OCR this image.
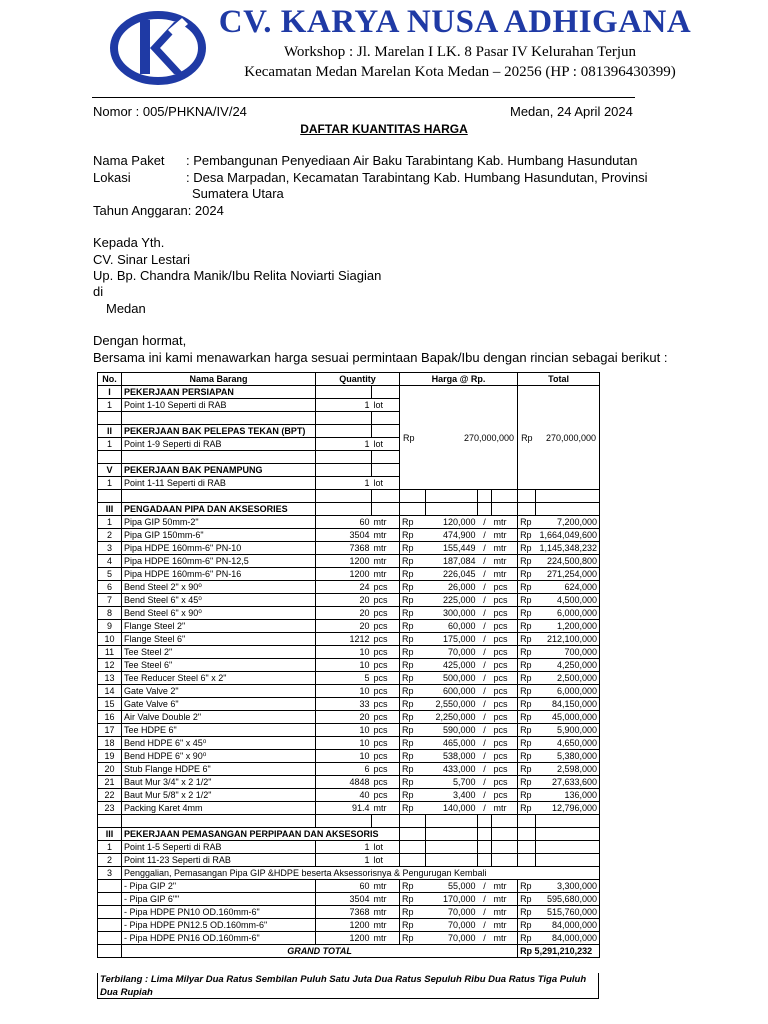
CV. KARYA NUSA ADHIGANA
Workshop : Jl. Marelan I LK. 8 Pasar IV Kelurahan Terjun
Kecamatan Medan Marelan Kota Medan – 20256 (HP : 081396430399)
Nomor : 005/PHKNA/IV/24	Medan, 24 April 2024
DAFTAR KUANTITAS HARGA
Nama Paket : Pembangunan Penyediaan Air Baku Tarabintang Kab. Humbang Hasundutan
Lokasi	: Desa Marpadan, Kecamatan Tarabintang Kab. Humbang Hasundutan, Provinsi
Sumatera Utara
Tahun Anggaran: 2024
Kepada Yth.
CV. Sinar Lestari
Up. Bp. Chandra Manik/Ibu Relita Noviarti Siagian
di
Medan
Dengan hormat,
Bersama ini kami menawarkan harga sesuai permintaan Bapak/Ibu dengan rincian sebagai berikut :
No.	Nama Barang	Quantity		Harga @ Rp.				Total	
I	PEKERJAAN PERSIAPAN			Rp 270,000,000				Rp 270,000,000	

1	Point 1-10 Seperti di RAB	1	lot						

II	PEKERJAAN BAK PELEPAS TEKAN (BPT)								
1	Point 1-9 Seperti di RAB	1	lot						

V	PEKERJAAN BAK PENAMPUNG								
1	Point 1-11 Seperti di RAB	1	lot						

III	PENGADAAN PIPA DAN AKSESORIES								
1	Pipa GIP 50mm-2"	60	mtr	Rp	120,000	/	mtr	Rp	7,200,000
2	Pipa GIP 150mm-6"	3504	mtr	Rp	474,900	/	mtr	Rp	1,664,049,600
3	Pipa HDPE 160mm-6" PN-10	7368	mtr	Rp	155,449	/	mtr	Rp	1,145,348,232
4	Pipa HDPE 160mm-6" PN-12,5	1200	mtr	Rp	187,084	/	mtr	Rp	224,500,800
5	Pipa HDPE 160mm-6" PN-16	1200	mtr	Rp	226,045	/	mtr	Rp	271,254,000
6	Bend Steel 2" x 90⁰	24	pcs	Rp	26,000	/	pcs	Rp	624,000
7	Bend Steel 6" x 45⁰	20	pcs	Rp	225,000	/	pcs	Rp	4,500,000
8	Bend Steel 6" x 90⁰	20	pcs	Rp	300,000	/	pcs	Rp	6,000,000
9	Flange Steel 2"	20	pcs	Rp	60,000	/	pcs	Rp	1,200,000
10	Flange Steel 6"	1212	pcs	Rp	175,000	/	pcs	Rp	212,100,000
11	Tee Steel 2"	10	pcs	Rp	70,000	/	pcs	Rp	700,000
12	Tee Steel 6"	10	pcs	Rp	425,000	/	pcs	Rp	4,250,000
13	Tee Reducer Steel 6" x 2"	5	pcs	Rp	500,000	/	pcs	Rp	2,500,000
14	Gate Valve 2"	10	pcs	Rp	600,000	/	pcs	Rp	6,000,000
15	Gate Valve 6"	33	pcs	Rp	2,550,000	/	pcs	Rp	84,150,000
16	Air Valve Double 2"	20	pcs	Rp	2,250,000	/	pcs	Rp	45,000,000
17	Tee HDPE 6"	10	pcs	Rp	590,000	/	pcs	Rp	5,900,000
18	Bend HDPE 6" x 45⁰	10	pcs	Rp	465,000	/	pcs	Rp	4,650,000
19	Bend HDPE 6" x 90⁰	10	pcs	Rp	538,000	/	pcs	Rp	5,380,000
20	Stub Flange HDPE 6"	6	pcs	Rp	433,000	/	pcs	Rp	2,598,000
21	Baut Mur 3/4" x 2 1/2"	4848	pcs	Rp	5,700	/	pcs	Rp	27,633,600
22	Baut Mur 5/8" x 2 1/2"	40	pcs	Rp	3,400	/	pcs	Rp	136,000
23	Packing Karet 4mm	91.4	mtr	Rp	140,000	/	mtr	Rp	12,796,000

III	PEKERJAAN PEMASANGAN PERPIPAAN DAN AKSESORIS								
1	Point 1-5 Seperti di RAB	1	lot						
2	Point 11-23 Seperti di RAB	1	lot						
3	Penggalian, Pemasangan Pipa GIP &HDPE beserta Aksessorisnya & Pengurugan Kembali								
	- Pipa GIP 2"	60	mtr	Rp	55,000	/	mtr	Rp	3,300,000
	- Pipa GIP 6""	3504	mtr	Rp	170,000	/	mtr	Rp	595,680,000
	- Pipa HDPE PN10 OD.160mm-6"	7368	mtr	Rp	70,000	/	mtr	Rp	515,760,000
	- Pipa HDPE PN12.5 OD.160mm-6"	1200	mtr	Rp	70,000	/	mtr	Rp	84,000,000
	- Pipa HDPE PN16 OD.160mm-6"	1200	mtr	Rp	70,000	/	mtr	Rp	84,000,000
	GRAND TOTAL							Rp 5,291,210,232	
Terbilang : Lima Milyar Dua Ratus Sembilan Puluh Satu Juta Dua Ratus Sepuluh Ribu Dua Ratus Tiga Puluh Dua Rupiah
